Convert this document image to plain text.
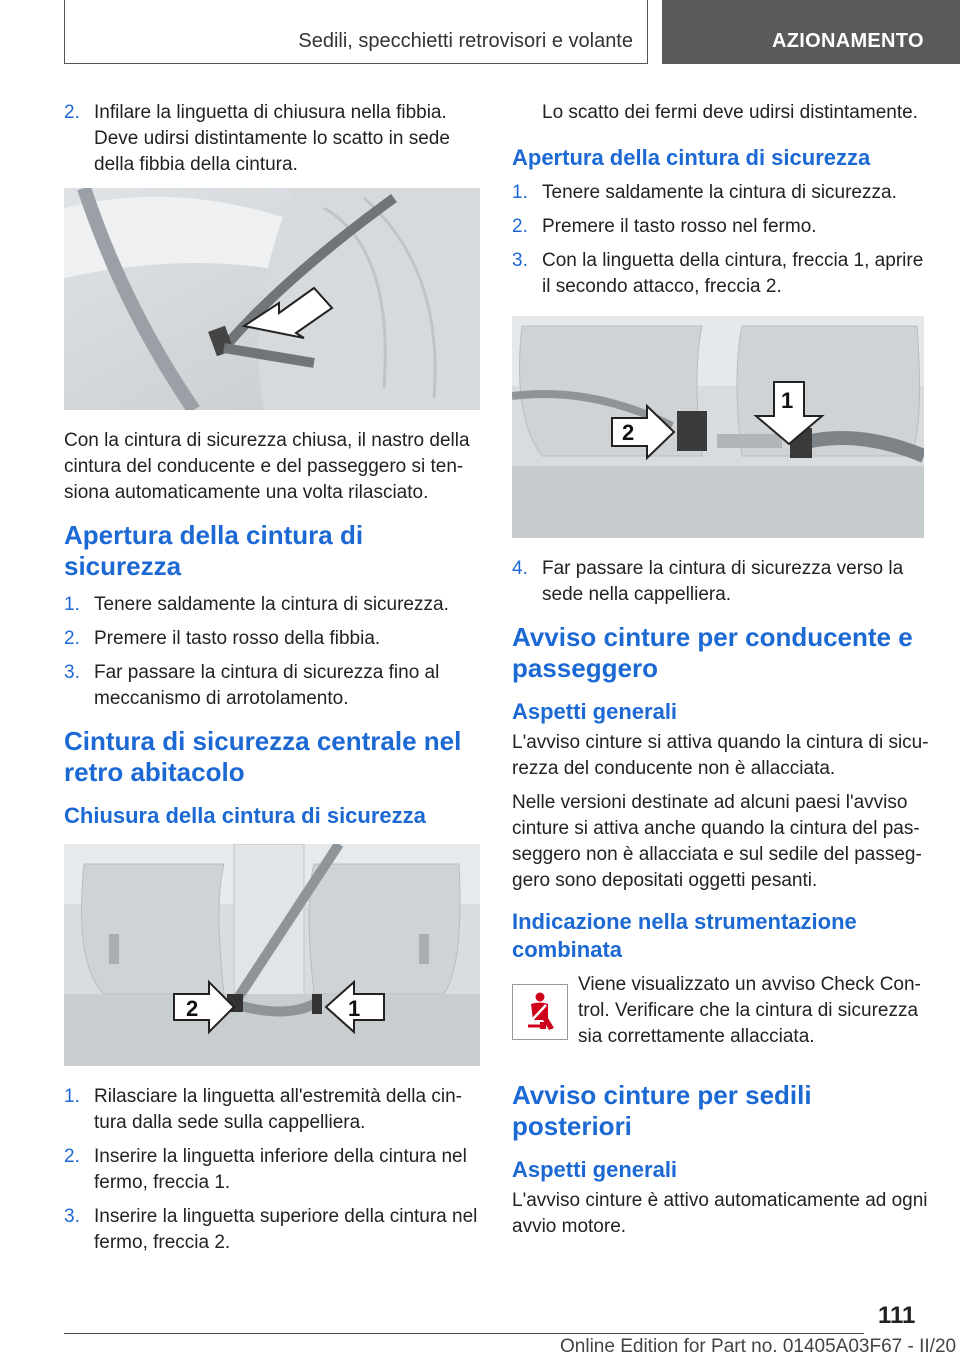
Sedili, specchietti retrovisori e volante	AZIONAMENTO
2. Infilare la linguetta di chiusura nella fibbia. Deve udirsi distintamente lo scatto in sede della fibbia della cintura.

Con la cintura di sicurezza chiusa, il nastro della cintura del conducente e del passeggero si ten‐siona automaticamente una volta rilasciato.

Apertura della cintura di sicurezza
1. Tenere saldamente la cintura di sicurezza.
2. Premere il tasto rosso della fibbia.
3. Far passare la cintura di sicurezza fino al meccanismo di arrotolamento.
Cintura di sicurezza centrale nel retro abitacolo
Chiusura della cintura di sicurezza
2	1
1. Rilasciare la linguetta all'estremità della cin‐tura dalla sede sulla cappelliera.
2. Inserire la linguetta inferiore della cintura nel fermo, freccia 1.
3. Inserire la linguetta superiore della cintura nel fermo, freccia 2.

Lo scatto dei fermi deve udirsi distintamente.

Apertura della cintura di sicurezza
1. Tenere saldamente la cintura di sicurezza.
2. Premere il tasto rosso nel fermo.
3. Con la linguetta della cintura, freccia 1, aprire il secondo attacco, freccia 2.
2
1
4. Far passare la cintura di sicurezza verso la sede nella cappelliera.
Avviso cinture per conducente e passeggero
Aspetti generali

L'avviso cinture si attiva quando la cintura di sicu‐rezza del conducente non è allacciata.

Nelle versioni destinate ad alcuni paesi l'avviso cinture si attiva anche quando la cintura del pas‐seggero non è allacciata e sul sedile del passeg‐gero sono depositati oggetti pesanti.

Indicazione nella strumentazione combinata

Viene visualizzato un avviso Check Con‐trol. Verificare che la cintura di sicurezza sia correttamente allacciata.

Avviso cinture per sedili posteriori
Aspetti generali

L'avviso cinture è attivo automaticamente ad ogni avvio motore.

111
Online Edition for Part no. 01405A03F67 - II/20
